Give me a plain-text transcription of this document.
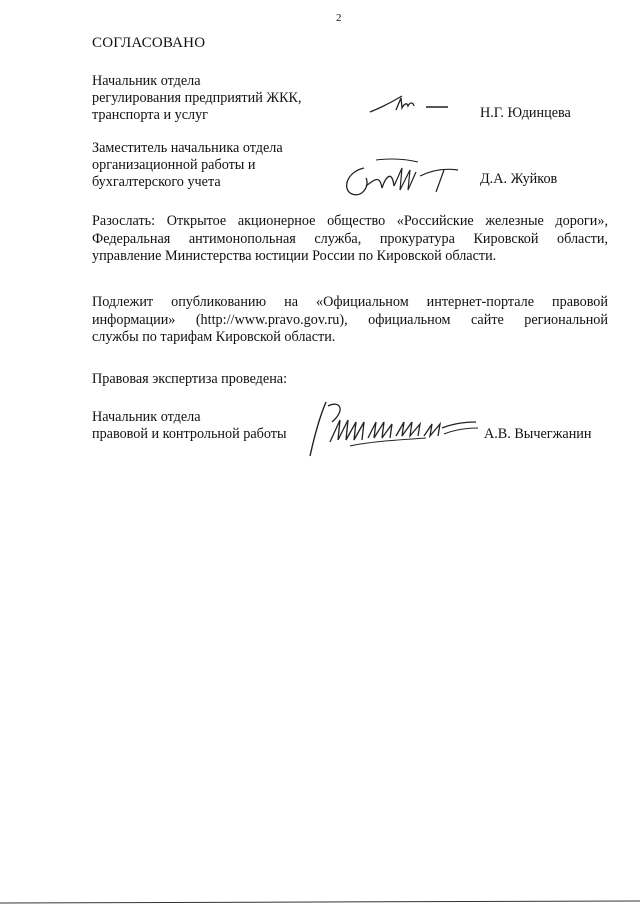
2
СОГЛАСОВАНО
Начальник отдела
регулирования предприятий ЖКК,
транспорта и услуг	Н.Г. Юдинцева
Заместитель начальника отдела
организационной работы и
бухгалтерского учета	Д.А. Жуйков
Разослать: Открытое акционерное общество «Российские железные дороги»,
Федеральная антимонопольная служба, прокуратура Кировской области,
управление Министерства юстиции России по Кировской области.
Подлежит опубликованию на «Официальном интернет-портале правовой
информации» (http://www.pravo.gov.ru), официальном сайте региональной
службы по тарифам Кировской области.
Правовая экспертиза проведена:
Начальник отдела
правовой и контрольной работы	А.В. Вычегжанин
